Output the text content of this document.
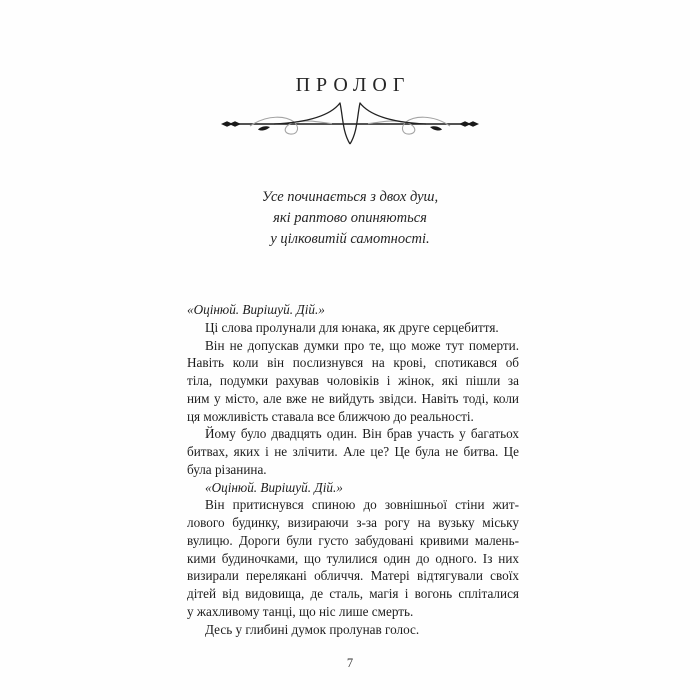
ПРОЛОГ
Усе починається з двох душ,
які раптово опиняються
у цілковитій самотності.
«Оцінюй. Вирішуй. Дій.»
Ці слова пролунали для юнака, як друге серцебиття.
Він не допускав думки про те, що може тут померти.
Навіть коли він послизнувся на крові, спотикався об
тіла, подумки рахував чоловіків і жінок, які пішли за
ним у місто, але вже не вийдуть звідси. Навіть тоді, коли
ця можливість ставала все ближчою до реальності.
Йому було двадцять один. Він брав участь у багатьох
битвах, яких і не злічити. Але це? Це була не битва. Це
була різанина.
«Оцінюй. Вирішуй. Дій.»
Він притиснувся спиною до зовнішньої стіни жит-
лового будинку, визираючи з-за рогу на вузьку міську
вулицю. Дороги були густо забудовані кривими малень-
кими будиночками, що тулилися один до одного. Із них
визирали перелякані обличчя. Матері відтягували своїх
дітей від видовища, де сталь, магія і вогонь спліталися
у жахливому танці, що ніс лише смерть.
Десь у глибині думок пролунав голос.
7
